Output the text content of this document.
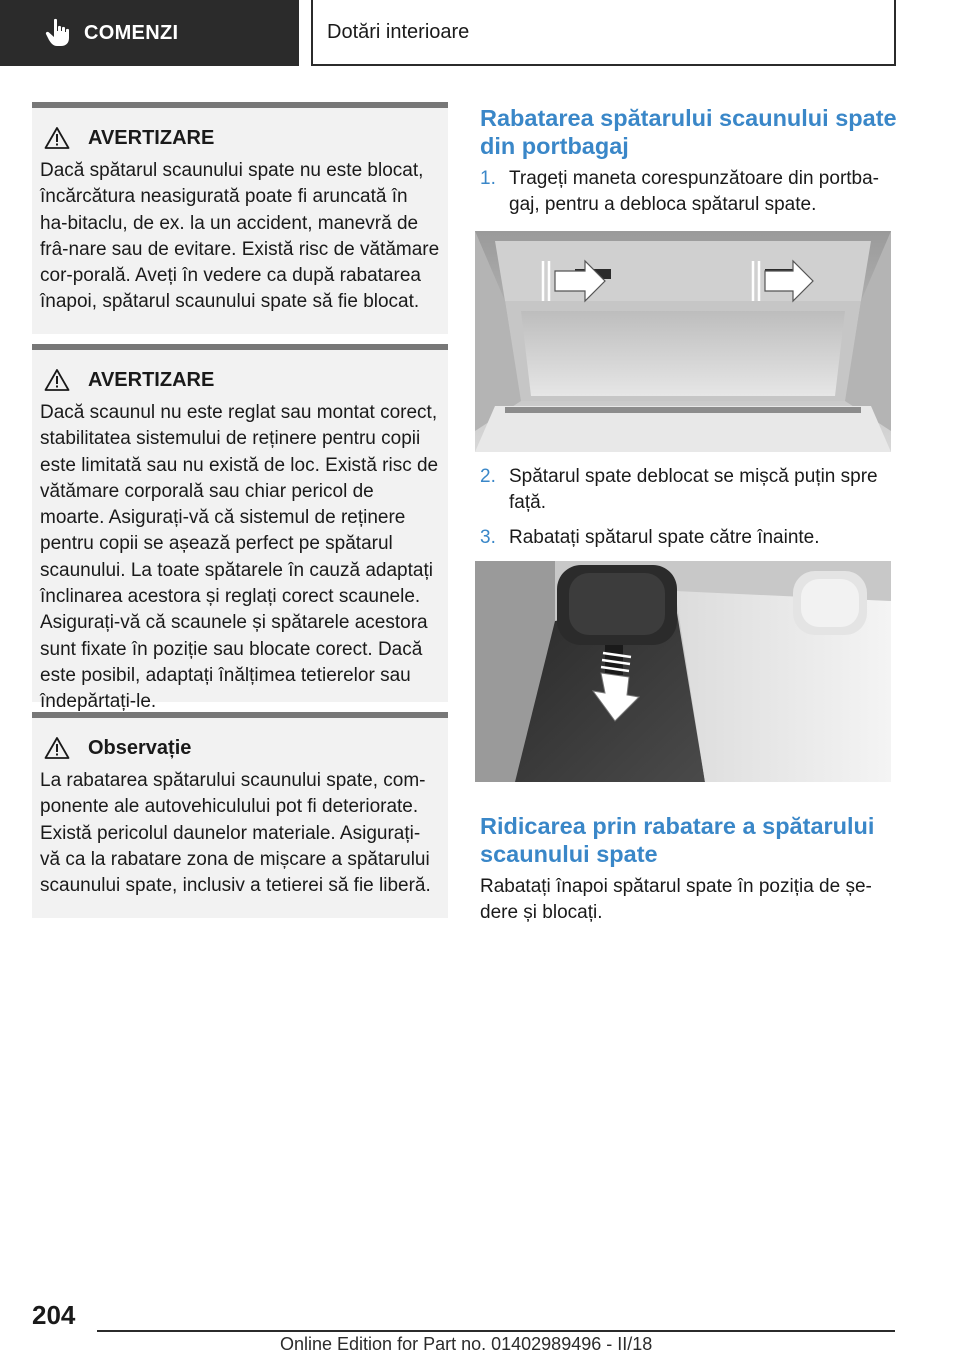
COMENZI	Dotări interioare
AVERTIZARE
Dacă spătarul scaunului spate nu este blocat, încărcătura neasigurată poate fi aruncată în ha-bitaclu, de ex. la un accident, manevră de frâ-nare sau de evitare. Există risc de vătămare cor-porală. Aveți în vedere ca după rabatarea înapoi, spătarul scaunului spate să fie blocat.
AVERTIZARE
Dacă scaunul nu este reglat sau montat corect, stabilitatea sistemului de reținere pentru copii este limitată sau nu există de loc. Există risc de vătămare corporală sau chiar pericol de moarte. Asigurați-vă că sistemul de reținere pentru copii se așează perfect pe spătarul scaunului. La toate spătarele în cauză adaptați înclinarea acestora și reglați corect scaunele. Asigurați-vă că scaunele și spătarele acestora sunt fixate în poziție sau blocate corect. Dacă este posibil, adaptați înălțimea tetierelor sau îndepărtați-le.
Observație
La rabatarea spătarului scaunului spate, com-ponente ale autovehiculului pot fi deteriorate. Există pericolul daunelor materiale. Asigurați-vă ca la rabatare zona de mișcare a spătarului scaunului spate, inclusiv a tetierei să fie liberă.
Rabatarea spătarului scaunului spate din portbagaj
1. Trageți maneta corespunzătoare din portba-gaj, pentru a debloca spătarul spate.
2. Spătarul spate deblocat se mișcă puțin spre față.
3. Rabatați spătarul spate către înainte.
Ridicarea prin rabatare a spătarului scaunului spate
Rabatați înapoi spătarul spate în poziția de șe-dere și blocați.
204
Online Edition for Part no. 01402989496 - II/18
